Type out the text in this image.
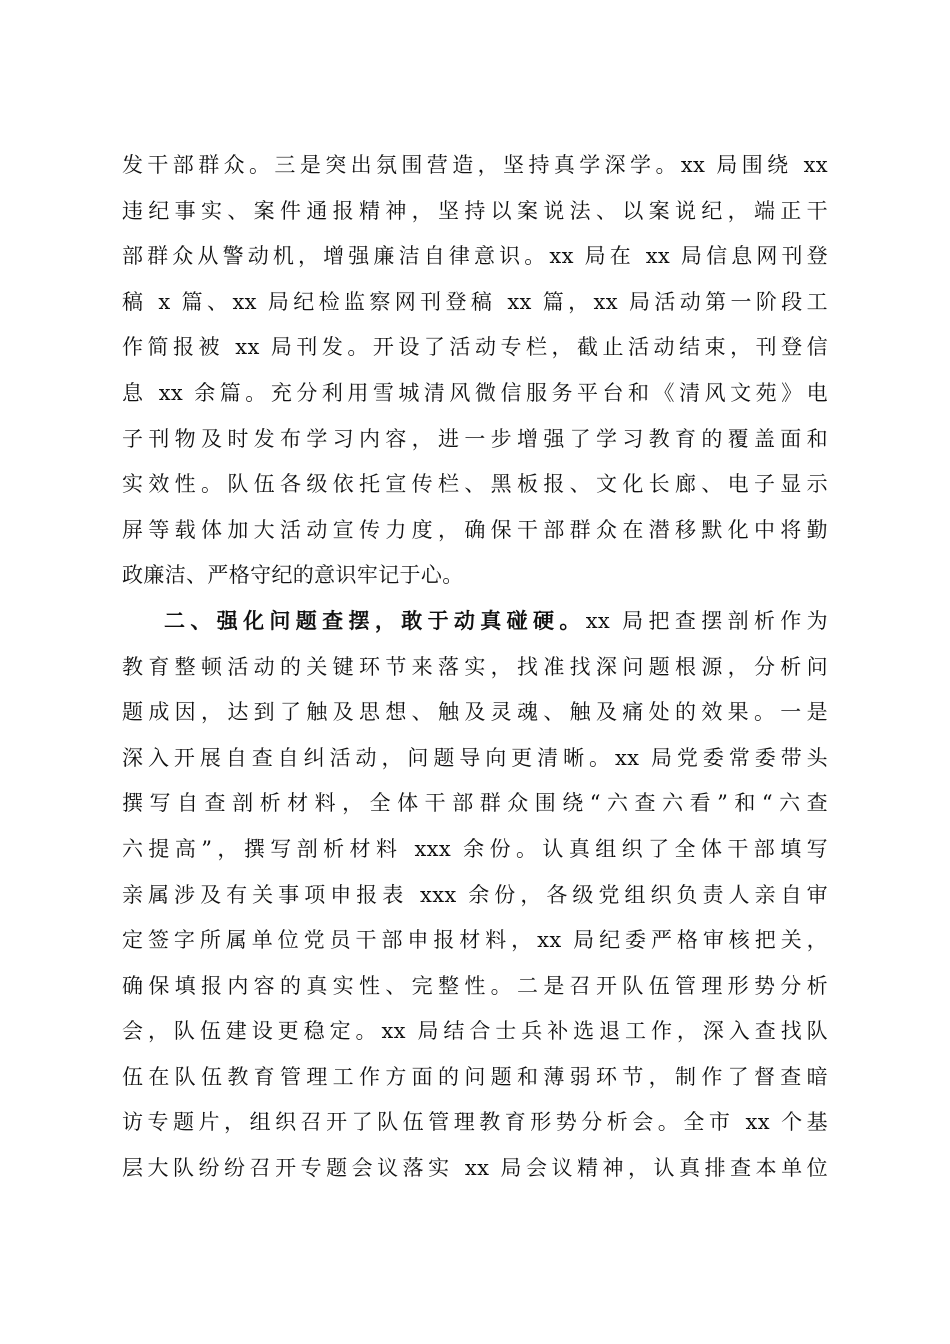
发干部群众。三是突出氛围营造，坚持真学深学。xx 局围绕 xx
违纪事实、案件通报精神，坚持以案说法、以案说纪，端正干
部群众从警动机，增强廉洁自律意识。xx 局在 xx 局信息网刊登
稿 x 篇、xx 局纪检监察网刊登稿 xx 篇，xx 局活动第一阶段工
作简报被 xx 局刊发。开设了活动专栏，截止活动结束，刊登信
息 xx 余篇。充分利用雪城清风微信服务平台和《清风文苑》电
子刊物及时发布学习内容，进一步增强了学习教育的覆盖面和
实效性。队伍各级依托宣传栏、黑板报、文化长廊、电子显示
屏等载体加大活动宣传力度，确保干部群众在潜移默化中将勤
政廉洁、严格守纪的意识牢记于心。
二、强化问题查摆，敢于动真碰硬。xx 局把查摆剖析作为
教育整顿活动的关键环节来落实，找准找深问题根源，分析问
题成因，达到了触及思想、触及灵魂、触及痛处的效果。一是
深入开展自查自纠活动，问题导向更清晰。xx 局党委常委带头
撰写自查剖析材料，全体干部群众围绕“六查六看”和“六查
六提高”，撰写剖析材料 xxx 余份。认真组织了全体干部填写
亲属涉及有关事项申报表 xxx 余份，各级党组织负责人亲自审
定签字所属单位党员干部申报材料，xx 局纪委严格审核把关，
确保填报内容的真实性、完整性。二是召开队伍管理形势分析
会，队伍建设更稳定。xx 局结合士兵补选退工作，深入查找队
伍在队伍教育管理工作方面的问题和薄弱环节，制作了督查暗
访专题片，组织召开了队伍管理教育形势分析会。全市 xx 个基
层大队纷纷召开专题会议落实 xx 局会议精神，认真排查本单位
